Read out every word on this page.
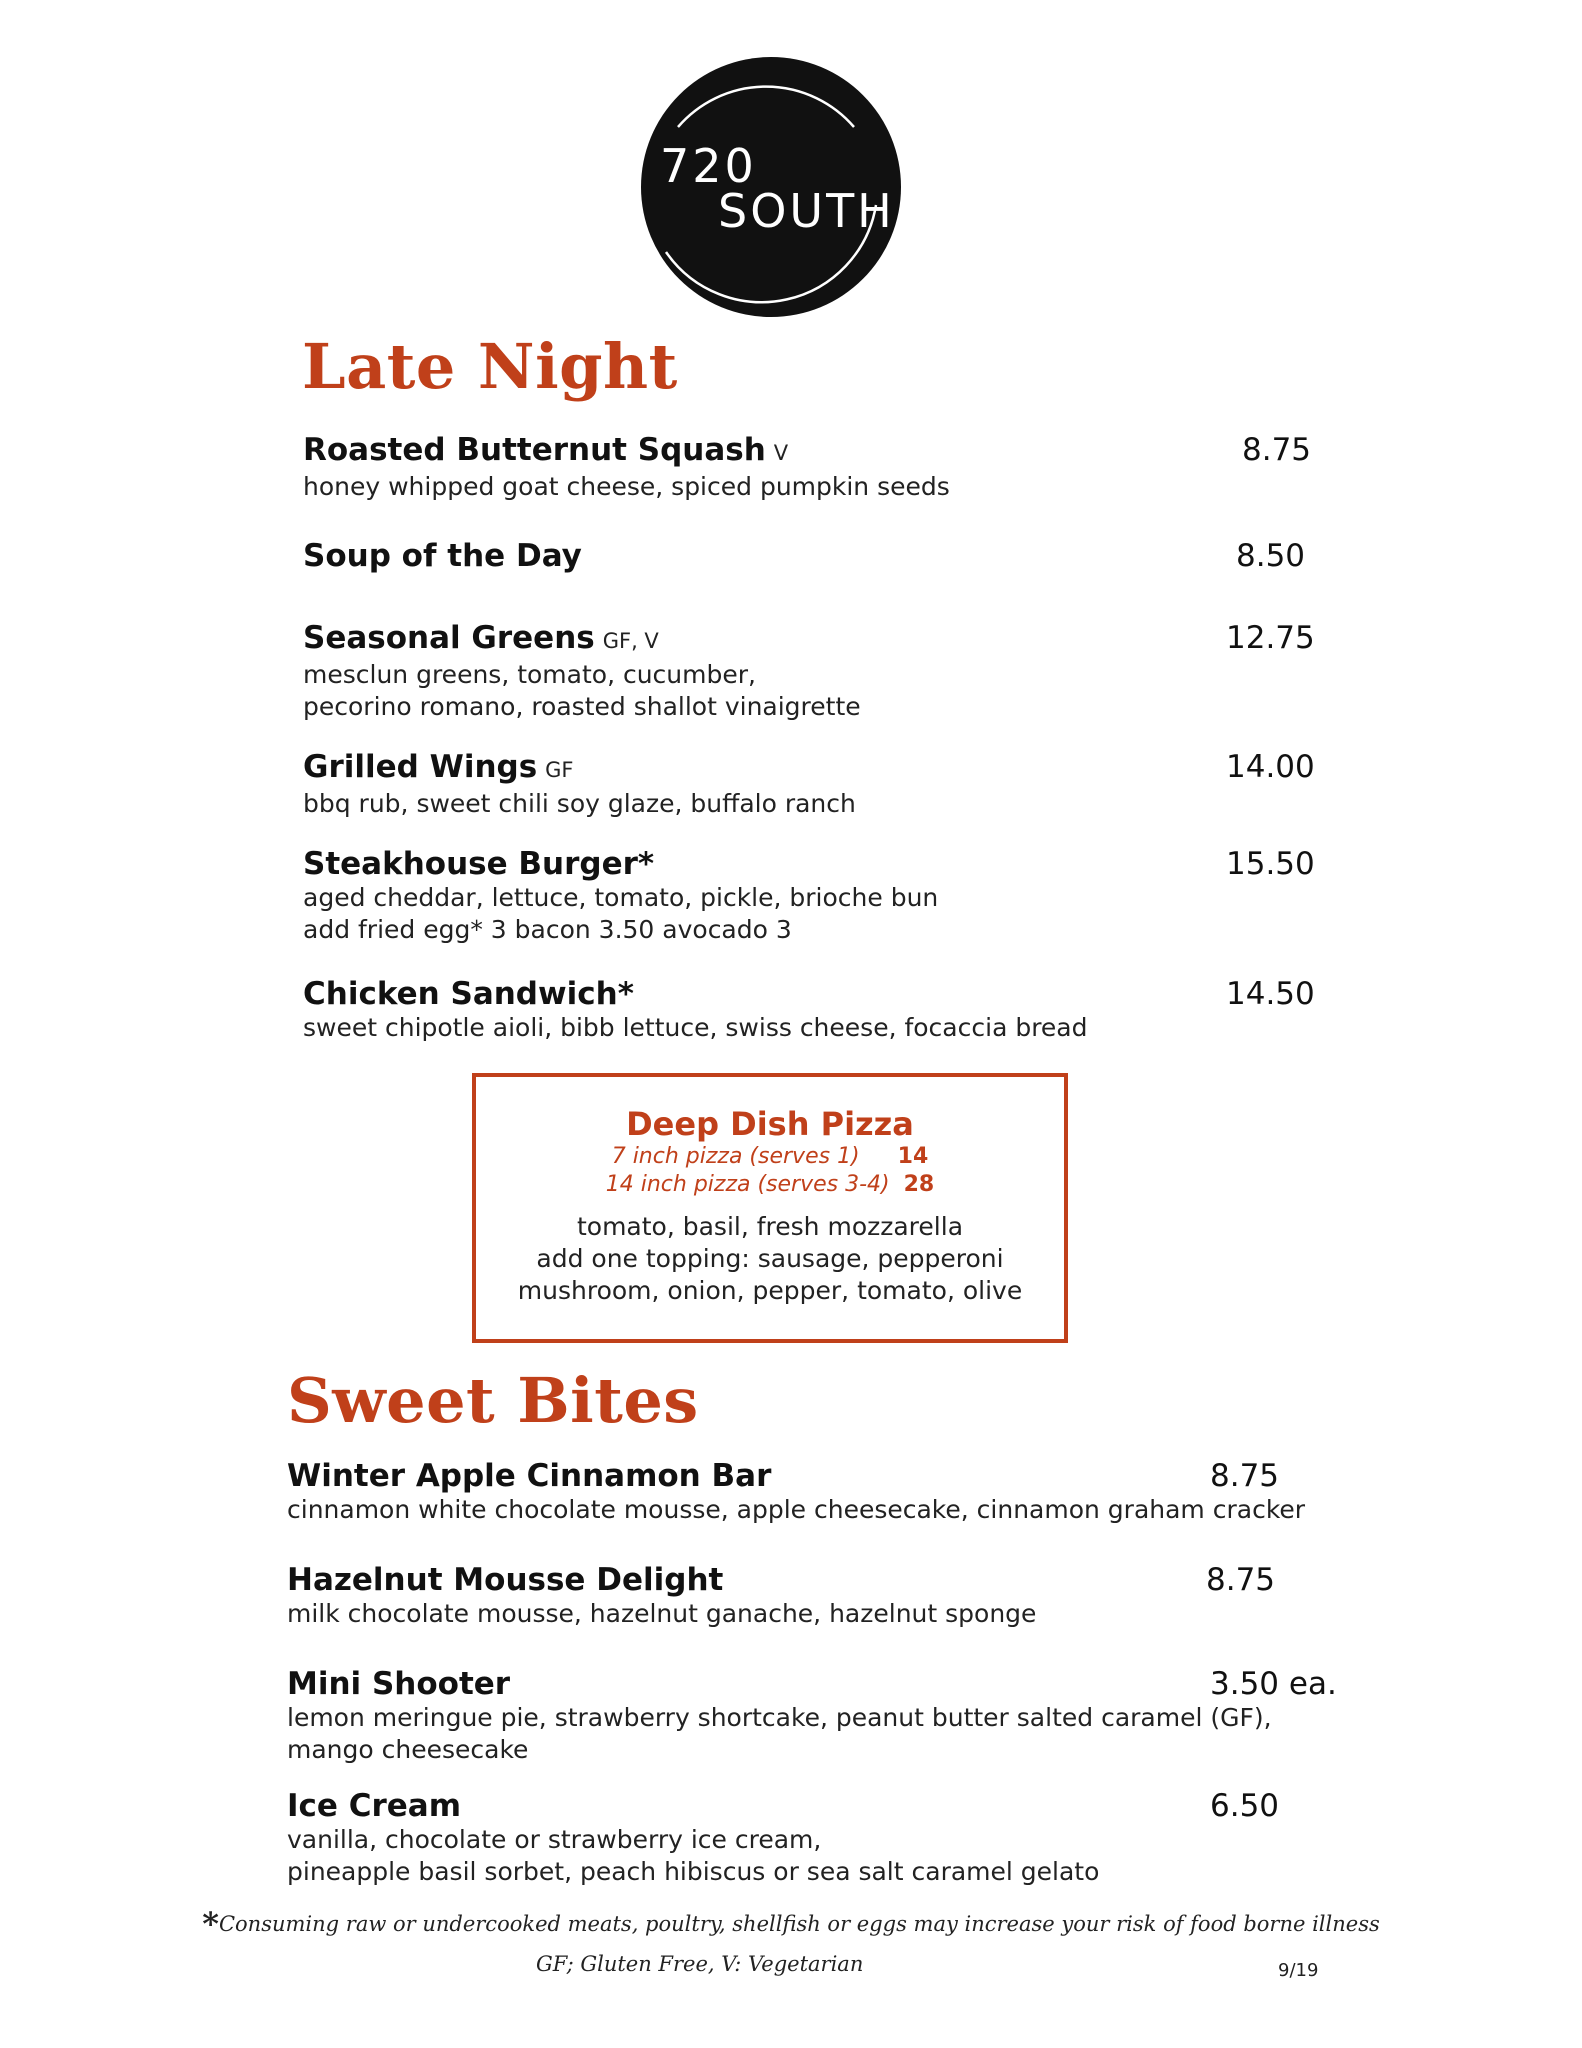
720
SOUTH
Late Night
Roasted Butternut Squash V
honey whipped goat cheese, spiced pumpkin seeds
8.75
Soup of the Day	8.50
Seasonal Greens GF, V
mesclun greens, tomato, cucumber,
pecorino romano, roasted shallot vinaigrette
12.75
Grilled Wings GF
bbq rub, sweet chili soy glaze, buffalo ranch
14.00
Steakhouse Burger*
aged cheddar, lettuce, tomato, pickle, brioche bun
add fried egg* 3 bacon 3.50 avocado 3
15.50
Chicken Sandwich*
sweet chipotle aioli, bibb lettuce, swiss cheese, focaccia bread
14.50
Deep Dish Pizza
7 inch pizza (serves 1) 14
14 inch pizza (serves 3-4) 28
tomato, basil, fresh mozzarella
add one topping: sausage, pepperoni
mushroom, onion, pepper, tomato, olive
Sweet Bites
Winter Apple Cinnamon Bar
cinnamon white chocolate mousse, apple cheesecake, cinnamon graham cracker
8.75
Hazelnut Mousse Delight
milk chocolate mousse, hazelnut ganache, hazelnut sponge
8.75
Mini Shooter
lemon meringue pie, strawberry shortcake, peanut butter salted caramel (GF),
mango cheesecake
3.50 ea.
Ice Cream
vanilla, chocolate or strawberry ice cream,
pineapple basil sorbet, peach hibiscus or sea salt caramel gelato
6.50
*Consuming raw or undercooked meats, poultry, shellfish or eggs may increase your risk of food borne illness
GF; Gluten Free, V: Vegetarian	9/19
